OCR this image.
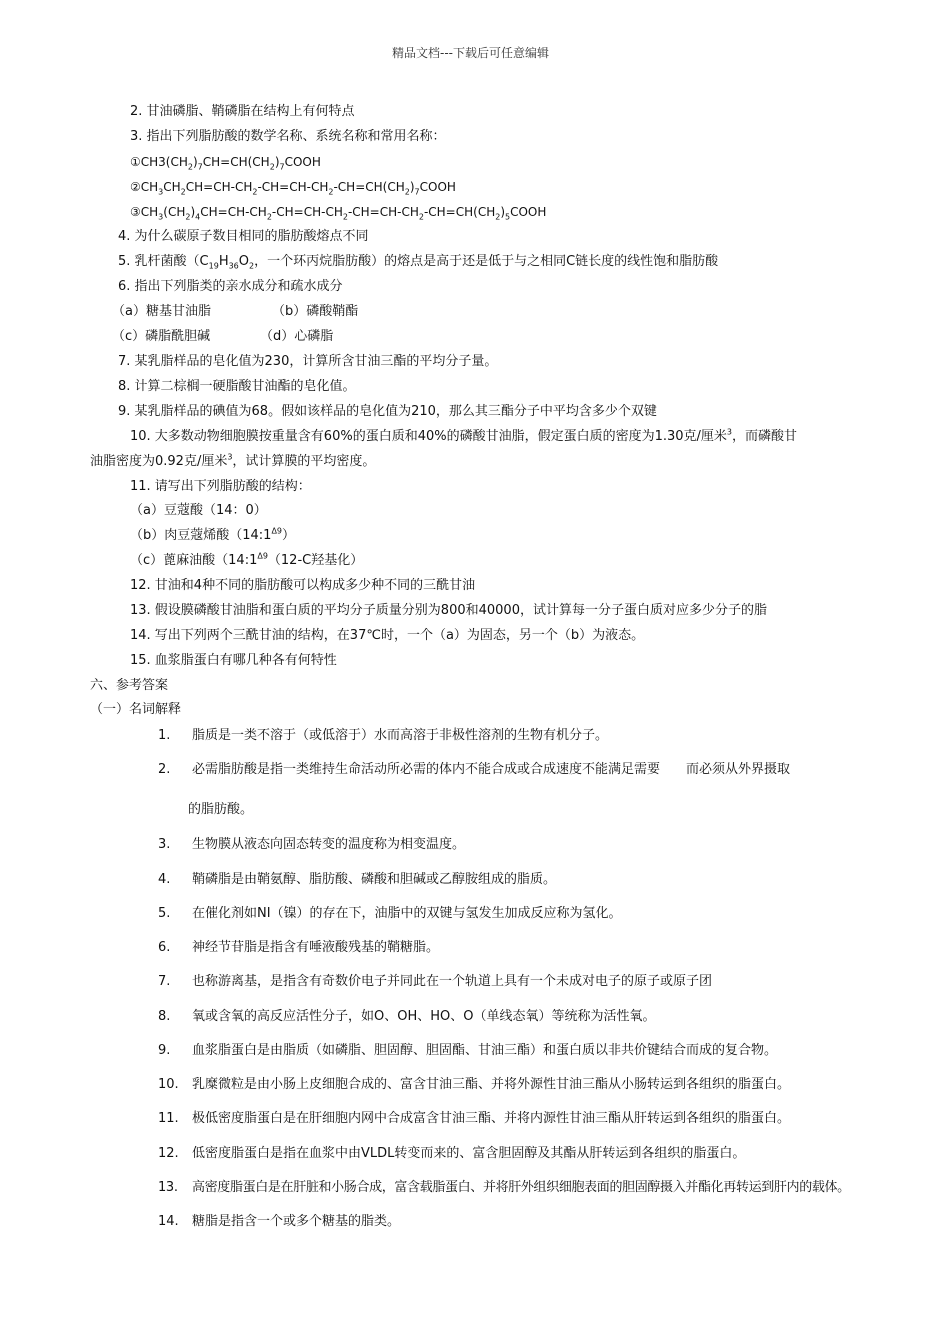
精品文档---下载后可任意编辑
2. 甘油磷脂、鞘磷脂在结构上有何特点
3. 指出下列脂肪酸的数学名称、系统名称和常用名称：
$①CH3(CH_2)_7CH=CH(CH_2)_7COOH$
$②CH_3CH_2CH=CH-CH_2-CH=CH-CH_2-CH=CH(CH_2)_7COOH$
$③CH_3(CH_2)_4CH=CH-CH_2-CH=CH-CH_2-CH=CH-CH_2-CH=CH(CH_2)_5COOH$
4. 为什么碳原子数目相同的脂肪酸熔点不同
5. 乳杆菌酸（$C_{19}H_{36}O_2$，一个环丙烷脂肪酸）的熔点是高于还是低于与之相同C链长度的线性饱和脂肪酸
6. 指出下列脂类的亲水成分和疏水成分
（a）糖基甘油脂	（b）磷酸鞘酯
（c）磷脂酰胆碱	（d）心磷脂
7. 某乳脂样品的皂化值为230，计算所含甘油三酯的平均分子量。
8. 计算二棕榈一硬脂酸甘油酯的皂化值。
9. 某乳脂样品的碘值为68。假如该样品的皂化值为210，那么其三酯分子中平均含多少个双键
10. 大多数动物细胞膜按重量含有60%的蛋白质和40%的磷酸甘油脂，假定蛋白质的密度为1.30克/厘米$^3$，而磷酸甘
油脂密度为0.92克/厘米$^3$，试计算膜的平均密度。
11. 请写出下列脂肪酸的结构：
（a）豆蔻酸（14：0）
（b）肉豆蔻烯酸$(14:1^{\Delta 9})$
（c）蓖麻油酸（$14:1^{\Delta 9}(12-C$羟基化）
12. 甘油和4种不同的脂肪酸可以构成多少种不同的三酰甘油
13. 假设膜磷酸甘油脂和蛋白质的平均分子质量分别为800和40000，试计算每一分子蛋白质对应多少分子的脂
14. 写出下列两个三酰甘油的结构，在37℃时，一个（a）为固态，另一个（b）为液态。
15. 血浆脂蛋白有哪几种各有何特性
六、参考答案
（一）名词解释
1. 脂质是一类不溶于（或低溶于）水而高溶于非极性溶剂的生物有机分子。
2. 必需脂肪酸是指一类维持生命活动所必需的体内不能合成或合成速度不能满足需要　　而必须从外界摄取
的脂肪酸。
3. 生物膜从液态向固态转变的温度称为相变温度。
4. 鞘磷脂是由鞘氨醇、脂肪酸、磷酸和胆碱或乙醇胺组成的脂质。
5. 在催化剂如NI（镍）的存在下，油脂中的双键与氢发生加成反应称为氢化。
6. 神经节苷脂是指含有唾液酸残基的鞘糖脂。
7. 也称游离基，是指含有奇数价电子并同此在一个轨道上具有一个未成对电子的原子或原子团
8. 氧或含氧的高反应活性分子，如O、OH、HO、O（单线态氧）等统称为活性氧。
9. 血浆脂蛋白是由脂质（如磷脂、胆固醇、胆固酯、甘油三酯）和蛋白质以非共价键结合而成的复合物。
10. 乳糜微粒是由小肠上皮细胞合成的、富含甘油三酯、并将外源性甘油三酯从小肠转运到各组织的脂蛋白。
11. 极低密度脂蛋白是在肝细胞内网中合成富含甘油三酯、并将内源性甘油三酯从肝转运到各组织的脂蛋白。
12. 低密度脂蛋白是指在血浆中由VLDL转变而来的、富含胆固醇及其酯从肝转运到各组织的脂蛋白。
13. 高密度脂蛋白是在肝脏和小肠合成，富含载脂蛋白、并将肝外组织细胞表面的胆固醇摄入并酯化再转运到肝内的载体。
14. 糖脂是指含一个或多个糖基的脂类。
